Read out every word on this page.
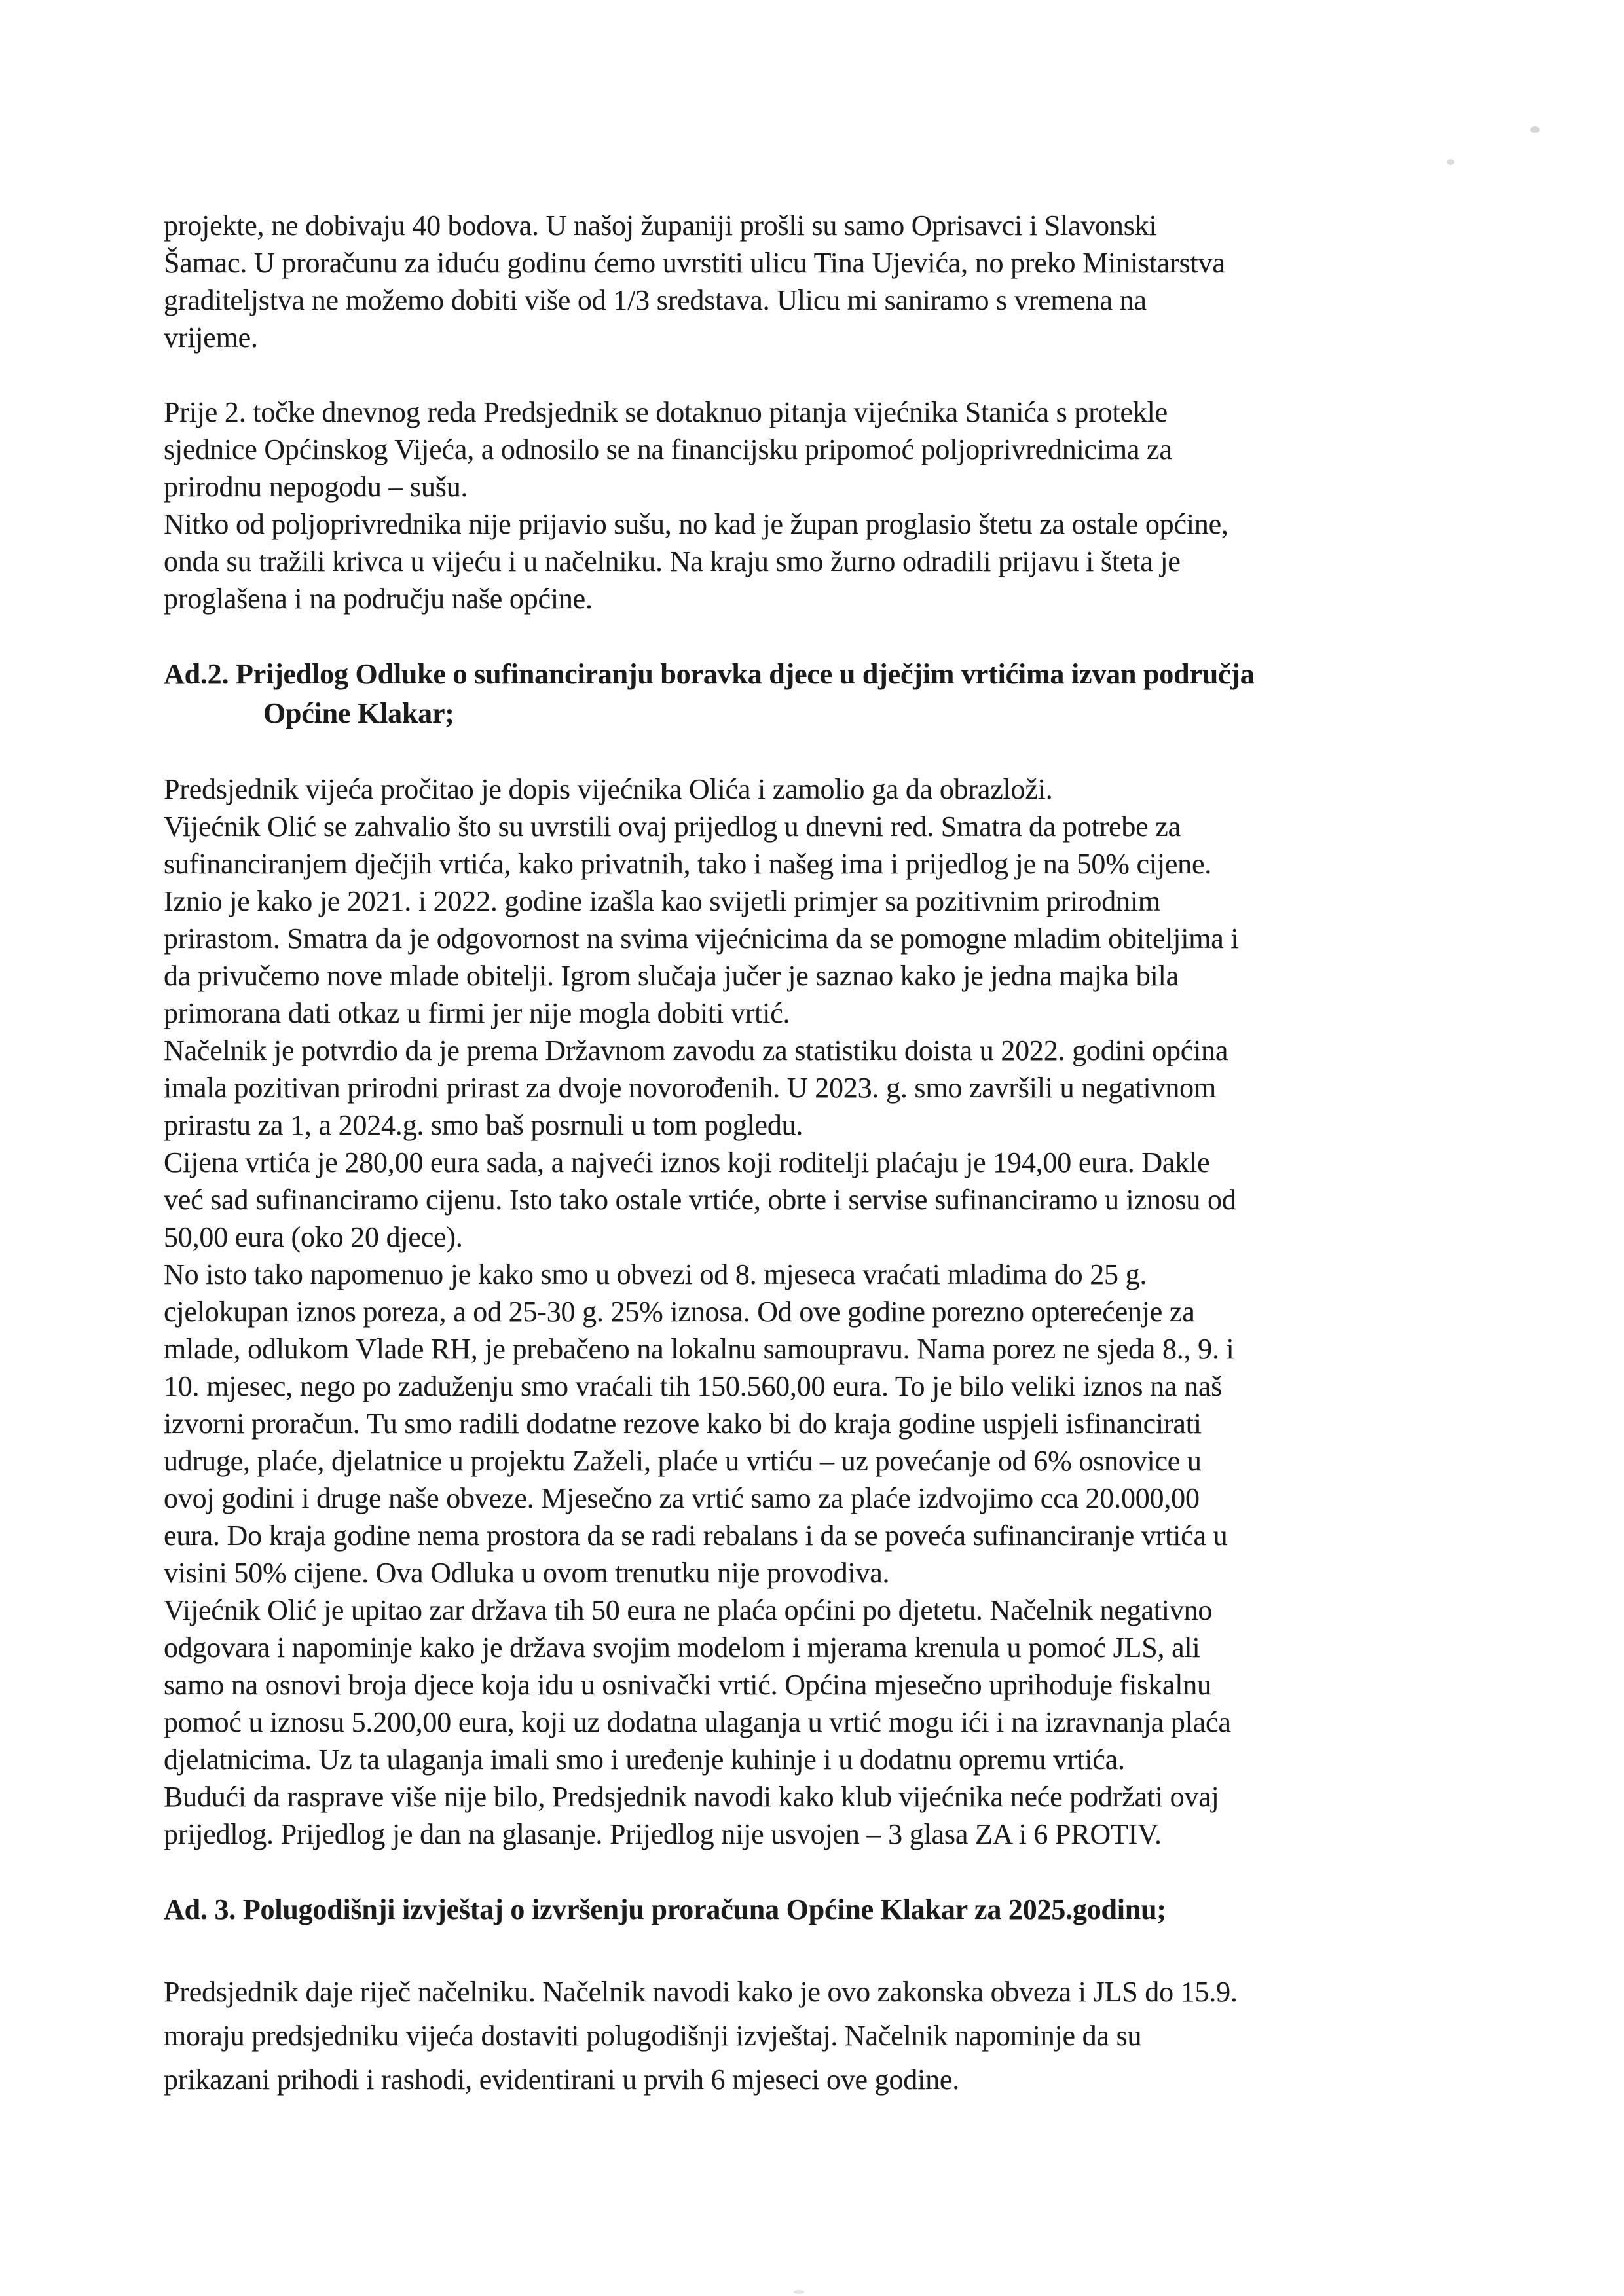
projekte, ne dobivaju 40 bodova. U našoj županiji prošli su samo Oprisavci i Slavonski
Šamac. U proračunu za iduću godinu ćemo uvrstiti ulicu Tina Ujevića, no preko Ministarstva
graditeljstva ne možemo dobiti više od 1/3 sredstava. Ulicu mi saniramo s vremena na
vrijeme.
Prije 2. točke dnevnog reda Predsjednik se dotaknuo pitanja vijećnika Stanića s protekle
sjednice Općinskog Vijeća, a odnosilo se na financijsku pripomoć poljoprivrednicima za
prirodnu nepogodu – sušu.
Nitko od poljoprivrednika nije prijavio sušu, no kad je župan proglasio štetu za ostale općine,
onda su tražili krivca u vijeću i u načelniku. Na kraju smo žurno odradili prijavu i šteta je
proglašena i na području naše općine.
Ad.2. Prijedlog Odluke o sufinanciranju boravka djece u dječjim vrtićima izvan područja
Općine Klakar;
Predsjednik vijeća pročitao je dopis vijećnika Olića i zamolio ga da obrazloži.
Vijećnik Olić se zahvalio što su uvrstili ovaj prijedlog u dnevni red. Smatra da potrebe za
sufinanciranjem dječjih vrtića, kako privatnih, tako i našeg ima i prijedlog je na 50% cijene.
Iznio je kako je 2021. i 2022. godine izašla kao svijetli primjer sa pozitivnim prirodnim
prirastom. Smatra da je odgovornost na svima vijećnicima da se pomogne mladim obiteljima i
da privučemo nove mlade obitelji. Igrom slučaja jučer je saznao kako je jedna majka bila
primorana dati otkaz u firmi jer nije mogla dobiti vrtić.
Načelnik je potvrdio da je prema Državnom zavodu za statistiku doista u 2022. godini općina
imala pozitivan prirodni prirast za dvoje novorođenih. U 2023. g. smo završili u negativnom
prirastu za 1, a 2024.g. smo baš posrnuli u tom pogledu.
Cijena vrtića je 280,00 eura sada, a najveći iznos koji roditelji plaćaju je 194,00 eura. Dakle
već sad sufinanciramo cijenu. Isto tako ostale vrtiće, obrte i servise sufinanciramo u iznosu od
50,00 eura (oko 20 djece).
No isto tako napomenuo je kako smo u obvezi od 8. mjeseca vraćati mladima do 25 g.
cjelokupan iznos poreza, a od 25-30 g. 25% iznosa. Od ove godine porezno opterećenje za
mlade, odlukom Vlade RH, je prebačeno na lokalnu samoupravu. Nama porez ne sjeda 8., 9. i
10. mjesec, nego po zaduženju smo vraćali tih 150.560,00 eura. To je bilo veliki iznos na naš
izvorni proračun. Tu smo radili dodatne rezove kako bi do kraja godine uspjeli isfinancirati
udruge, plaće, djelatnice u projektu Zaželi, plaće u vrtiću – uz povećanje od 6% osnovice u
ovoj godini i druge naše obveze. Mjesečno za vrtić samo za plaće izdvojimo cca 20.000,00
eura. Do kraja godine nema prostora da se radi rebalans i da se poveća sufinanciranje vrtića u
visini 50% cijene. Ova Odluka u ovom trenutku nije provodiva.
Vijećnik Olić je upitao zar država tih 50 eura ne plaća općini po djetetu. Načelnik negativno
odgovara i napominje kako je država svojim modelom i mjerama krenula u pomoć JLS, ali
samo na osnovi broja djece koja idu u osnivački vrtić. Općina mjesečno uprihoduje fiskalnu
pomoć u iznosu 5.200,00 eura, koji uz dodatna ulaganja u vrtić mogu ići i na izravnanja plaća
djelatnicima. Uz ta ulaganja imali smo i uređenje kuhinje i u dodatnu opremu vrtića.
Budući da rasprave više nije bilo, Predsjednik navodi kako klub vijećnika neće podržati ovaj
prijedlog. Prijedlog je dan na glasanje. Prijedlog nije usvojen – 3 glasa ZA i 6 PROTIV.
Ad. 3. Polugodišnji izvještaj o izvršenju proračuna Općine Klakar za 2025.godinu;
Predsjednik daje riječ načelniku. Načelnik navodi kako je ovo zakonska obveza i JLS do 15.9.
moraju predsjedniku vijeća dostaviti polugodišnji izvještaj. Načelnik napominje da su
prikazani prihodi i rashodi, evidentirani u prvih 6 mjeseci ove godine.
